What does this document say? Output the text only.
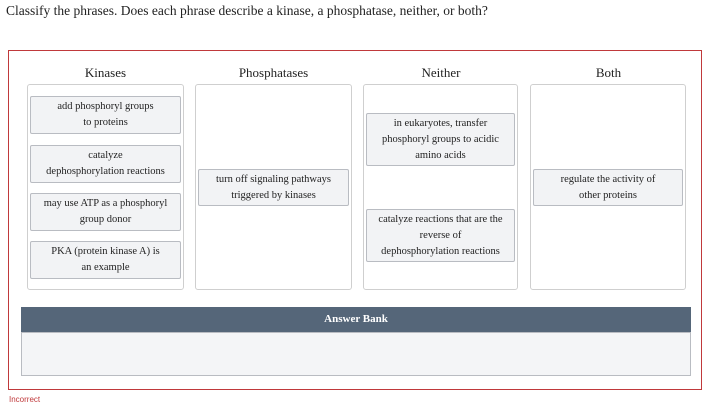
Classify the phrases. Does each phrase describe a kinase, a phosphatase, neither, or both?
Kinases
add phosphoryl groups
to proteins
catalyze
dephosphorylation reactions
may use ATP as a phosphoryl
group donor
PKA (protein kinase A) is
an example
Phosphatases
turn off signaling pathways
triggered by kinases
Neither
in eukaryotes, transfer
phosphoryl groups to acidic
amino acids
catalyze reactions that are the
reverse of
dephosphorylation reactions
Both
regulate the activity of
other proteins
Answer Bank
Incorrect
